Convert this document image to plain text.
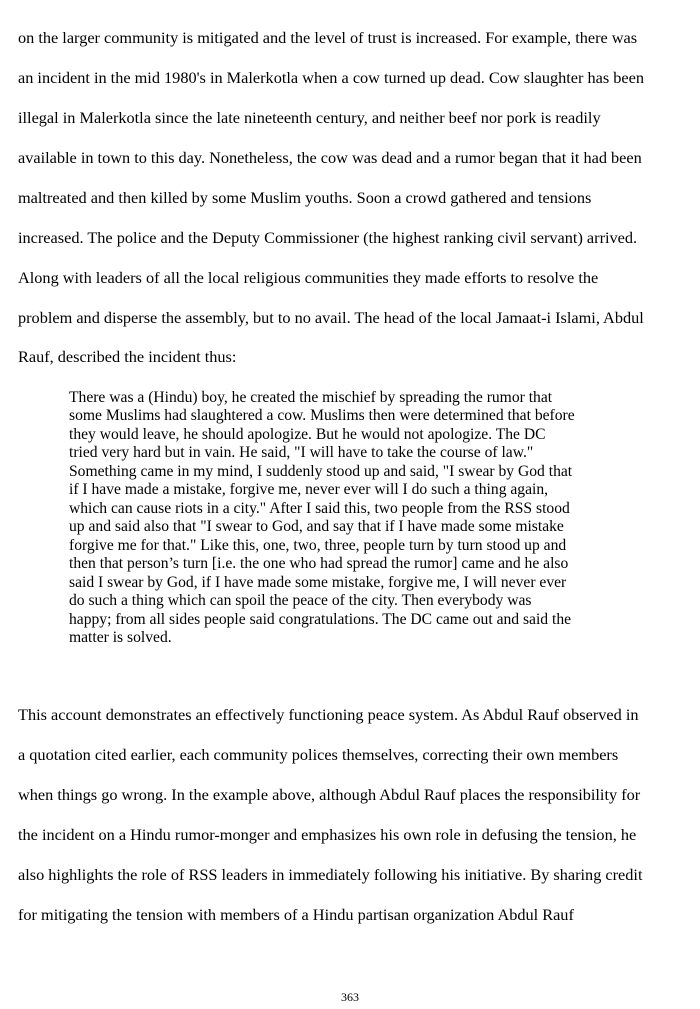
on the larger community is mitigated and the level of trust is increased. For example, there was

an incident in the mid 1980's in Malerkotla when a cow turned up dead. Cow slaughter has been

illegal in Malerkotla since the late nineteenth century, and neither beef nor pork is readily

available in town to this day. Nonetheless, the cow was dead and a rumor began that it had been

maltreated and then killed by some Muslim youths. Soon a crowd gathered and tensions

increased. The police and the Deputy Commissioner (the highest ranking civil servant) arrived.

Along with leaders of all the local religious communities they made efforts to resolve the

problem and disperse the assembly, but to no avail. The head of the local Jamaat-i Islami, Abdul

Rauf, described the incident thus:

There was a (Hindu) boy, he created the mischief by spreading the rumor that

some Muslims had slaughtered a cow. Muslims then were determined that before

they would leave, he should apologize. But he would not apologize. The DC

tried very hard but in vain. He said, "I will have to take the course of law."

Something came in my mind, I suddenly stood up and said, "I swear by God that

if I have made a mistake, forgive me, never ever will I do such a thing again,

which can cause riots in a city." After I said this, two people from the RSS stood

up and said also that "I swear to God, and say that if I have made some mistake

forgive me for that." Like this, one, two, three, people turn by turn stood up and

then that person’s turn [i.e. the one who had spread the rumor] came and he also

said I swear by God, if I have made some mistake, forgive me, I will never ever

do such a thing which can spoil the peace of the city. Then everybody was

happy; from all sides people said congratulations. The DC came out and said the

matter is solved.

This account demonstrates an effectively functioning peace system. As Abdul Rauf observed in

a quotation cited earlier, each community polices themselves, correcting their own members

when things go wrong. In the example above, although Abdul Rauf places the responsibility for

the incident on a Hindu rumor-monger and emphasizes his own role in defusing the tension, he

also highlights the role of RSS leaders in immediately following his initiative. By sharing credit

for mitigating the tension with members of a Hindu partisan organization Abdul Rauf

363
